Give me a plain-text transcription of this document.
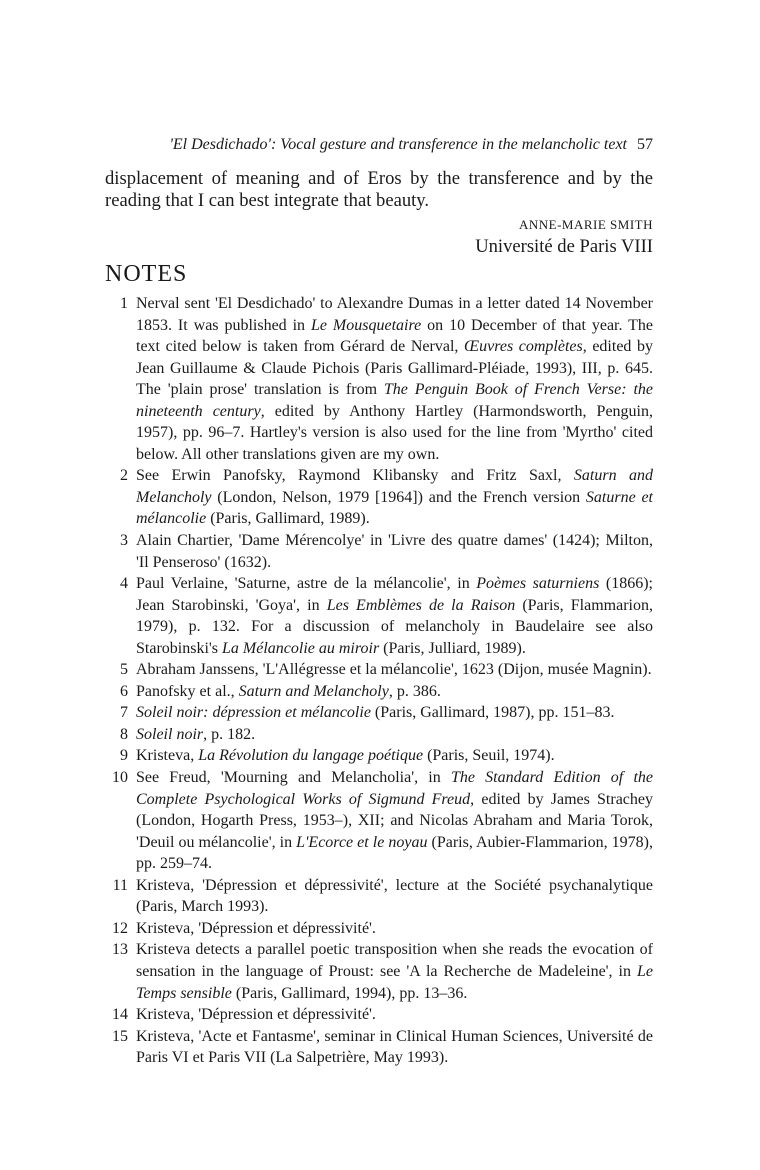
'El Desdichado': Vocal gesture and transference in the melancholic text 57

displacement of meaning and of Eros by the transference and by the reading that I can best integrate that beauty.

ANNE-MARIE SMITH
Université de Paris VIII
NOTES
1 Nerval sent 'El Desdichado' to Alexandre Dumas in a letter dated 14 November 1853. It was published in Le Mousquetaire on 10 December of that year. The text cited below is taken from Gérard de Nerval, Œuvres complètes, edited by Jean Guillaume & Claude Pichois (Paris Gallimard-Pléiade, 1993), III, p. 645. The 'plain prose' translation is from The Penguin Book of French Verse: the nineteenth century, edited by Anthony Hartley (Harmondsworth, Penguin, 1957), pp. 96–7. Hartley's version is also used for the line from 'Myrtho' cited below. All other translations given are my own.
2 See Erwin Panofsky, Raymond Klibansky and Fritz Saxl, Saturn and Melancholy (London, Nelson, 1979 [1964]) and the French version Saturne et mélancolie (Paris, Gallimard, 1989).
3 Alain Chartier, 'Dame Mérencolye' in 'Livre des quatre dames' (1424); Milton, 'Il Penseroso' (1632).
4 Paul Verlaine, 'Saturne, astre de la mélancolie', in Poèmes saturniens (1866); Jean Starobinski, 'Goya', in Les Emblèmes de la Raison (Paris, Flammarion, 1979), p. 132. For a discussion of melancholy in Baudelaire see also Starobinski's La Mélancolie au miroir (Paris, Julliard, 1989).
5 Abraham Janssens, 'L'Allégresse et la mélancolie', 1623 (Dijon, musée Magnin).
6 Panofsky et al., Saturn and Melancholy, p. 386.
7 Soleil noir: dépression et mélancolie (Paris, Gallimard, 1987), pp. 151–83.
8 Soleil noir, p. 182.
9 Kristeva, La Révolution du langage poétique (Paris, Seuil, 1974).
10 See Freud, 'Mourning and Melancholia', in The Standard Edition of the Complete Psychological Works of Sigmund Freud, edited by James Strachey (London, Hogarth Press, 1953–), XII; and Nicolas Abraham and Maria Torok, 'Deuil ou mélancolie', in L'Ecorce et le noyau (Paris, Aubier-Flammarion, 1978), pp. 259–74.
11 Kristeva, 'Dépression et dépressivité', lecture at the Société psychanalytique (Paris, March 1993).
12 Kristeva, 'Dépression et dépressivité'.
13 Kristeva detects a parallel poetic transposition when she reads the evocation of sensation in the language of Proust: see 'A la Recherche de Madeleine', in Le Temps sensible (Paris, Gallimard, 1994), pp. 13–36.
14 Kristeva, 'Dépression et dépressivité'.
15 Kristeva, 'Acte et Fantasme', seminar in Clinical Human Sciences, Université de Paris VI et Paris VII (La Salpetrière, May 1993).
